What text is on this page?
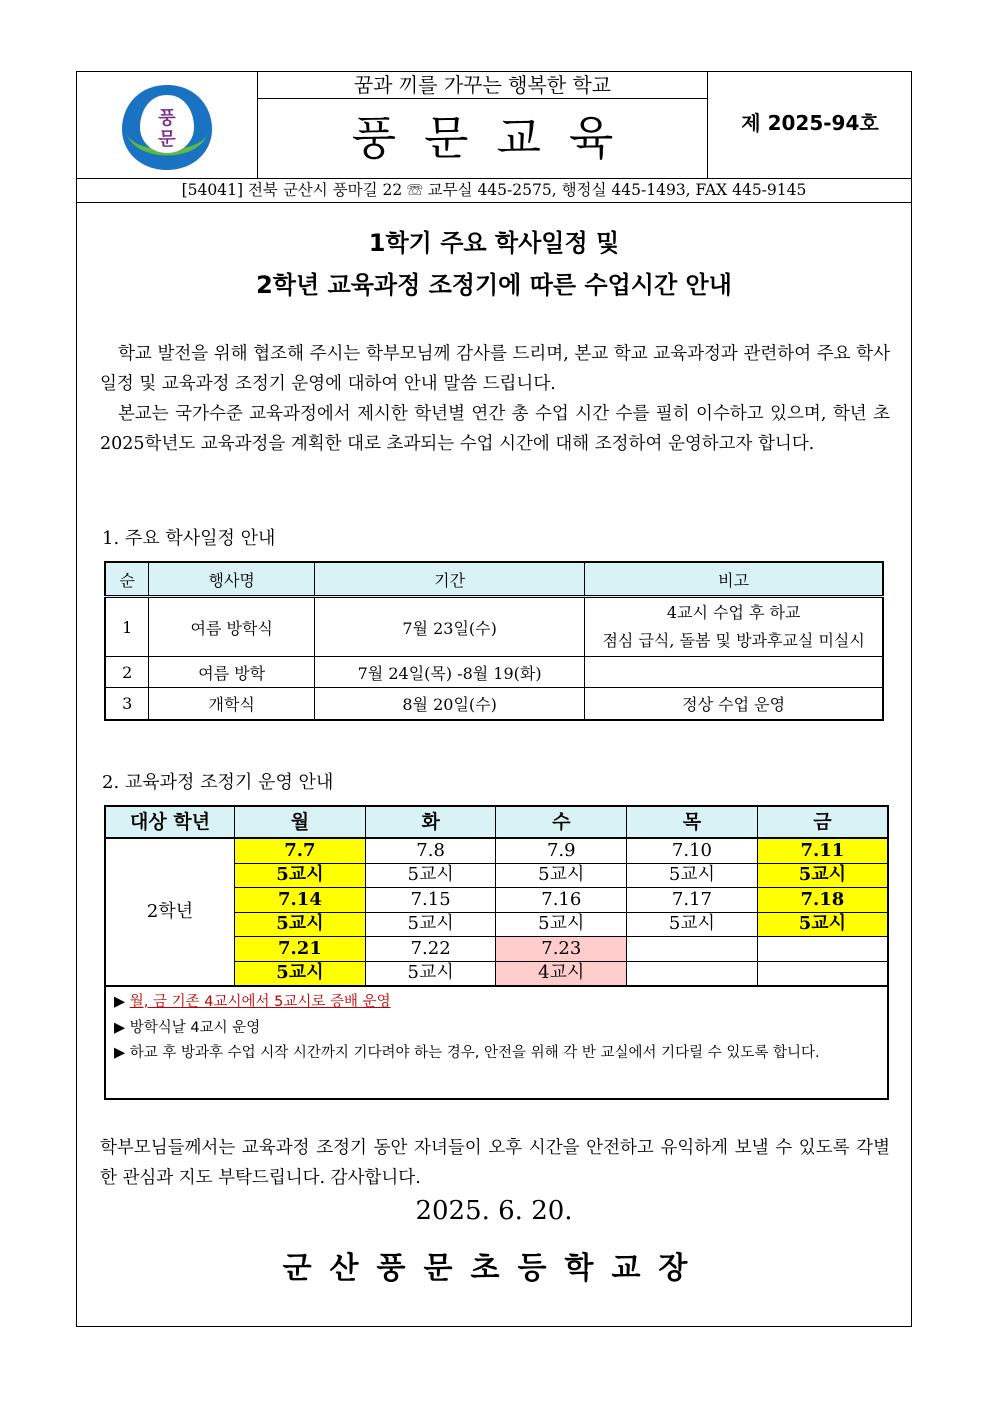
풍
문
꿈과 끼를 가꾸는 행복한 학교
풍문교육	제 2025-94호
[54041] 전북 군산시 풍마길 22 ☏ 교무실 445-2575, 행정실 445-1493, FAX 445-9145
1학기 주요 학사일정 및
2학년 교육과정 조정기에 따른 수업시간 안내
학교 발전을 위해 협조해 주시는 학부모님께 감사를 드리며, 본교 학교 교육과정과 관련하여 주요 학사일정 및 교육과정 조정기 운영에 대하여 안내 말씀 드립니다.
본교는 국가수준 교육과정에서 제시한 학년별 연간 총 수업 시간 수를 필히 이수하고 있으며, 학년 초 2025학년도 교육과정을 계획한 대로 초과되는 수업 시간에 대해 조정하여 운영하고자 합니다.
1. 주요 학사일정 안내
순	행사명	기간	비고
1	여름 방학식	7월 23일(수)	4교시 수업 후 하교
점심 급식, 돌봄 및 방과후교실 미실시

2	여름 방학	7월 24일(목) -8월 19(화)	
3	개학식	8월 20일(수)	정상 수업 운영
2. 교육과정 조정기 운영 안내
대상 학년	월	화	수	목	금
2학년	7.7	7.8	7.9	7.10	7.11
	5교시	5교시	5교시	5교시	5교시
	7.14	7.15	7.16	7.17	7.18
	5교시	5교시	5교시	5교시	5교시
	7.21	7.22	7.23		
	5교시	5교시	4교시		
▶ 월, 금 기존 4교시에서 5교시로 증배 운영
▶ 방학식날 4교시 운영
▶ 하교 후 방과후 수업 시작 시간까지 기다려야 하는 경우, 안전을 위해 각 반 교실에서 기다릴 수 있도록 합니다.
학부모님들께서는 교육과정 조정기 동안 자녀들이 오후 시간을 안전하고 유익하게 보낼 수 있도록 각별한 관심과 지도 부탁드립니다. 감사합니다.
2025. 6. 20.
군산풍문초등학교장
